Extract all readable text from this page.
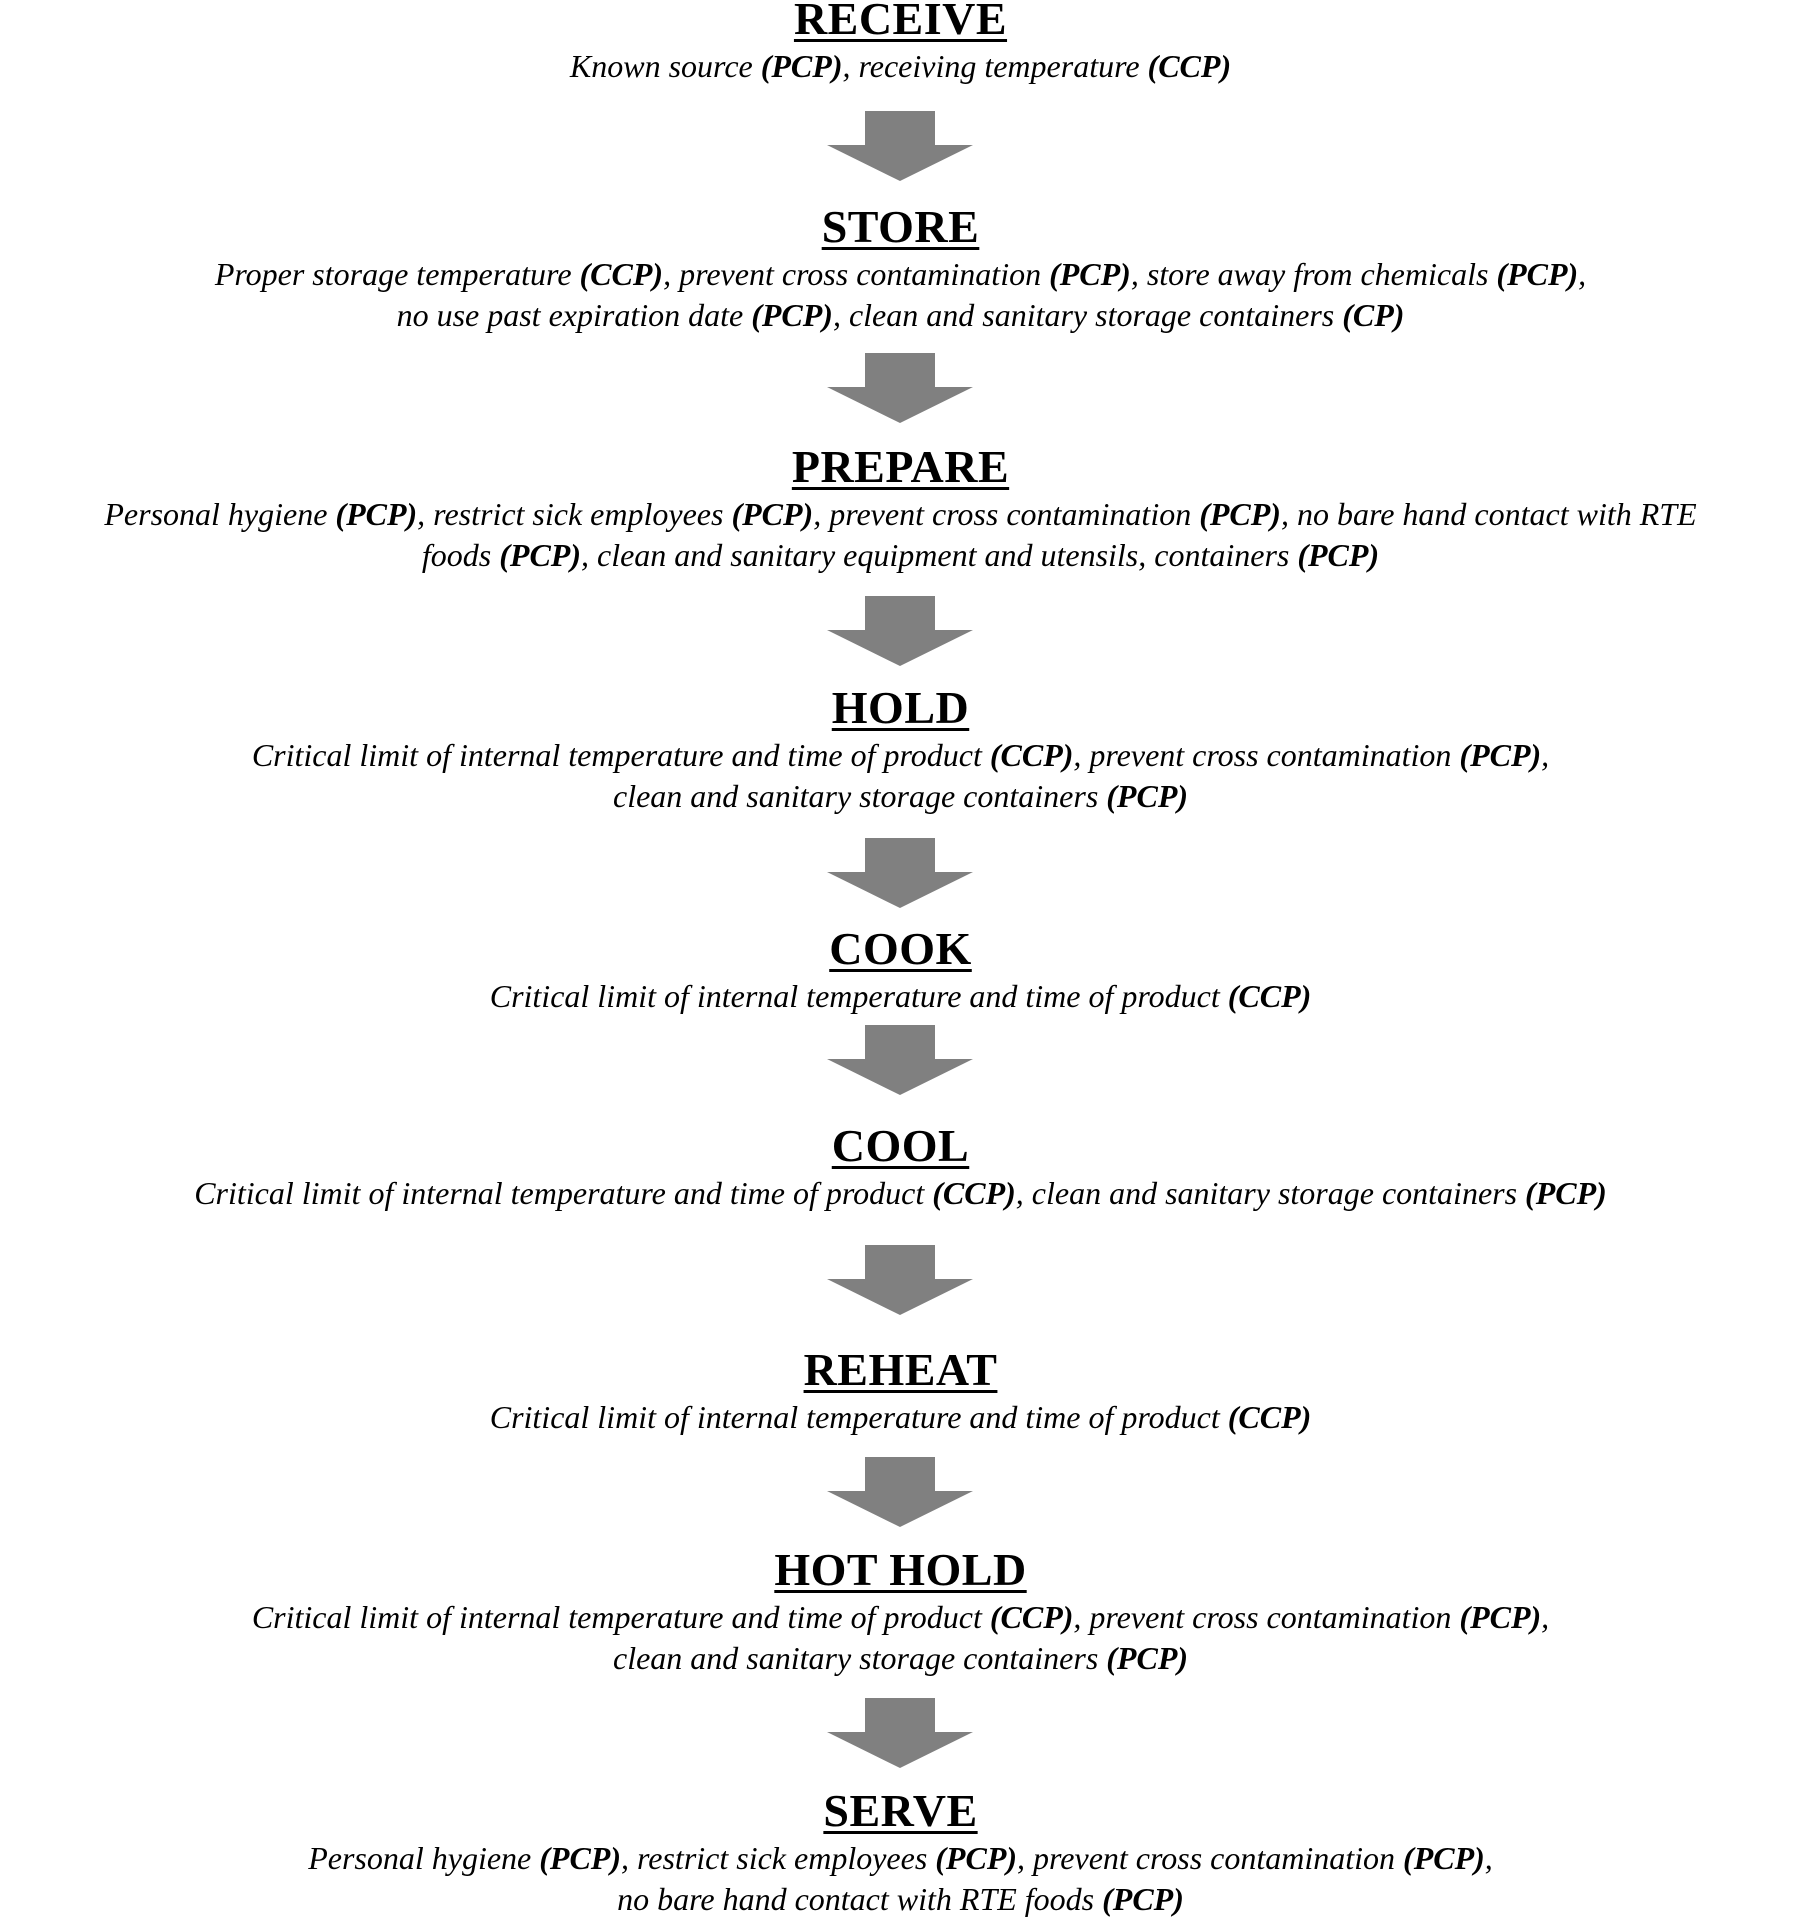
RECEIVE
Known source (PCP), receiving temperature (CCP)
STORE
Proper storage temperature (CCP), prevent cross contamination (PCP), store away from chemicals (PCP),
no use past expiration date (PCP), clean and sanitary storage containers (CP)
PREPARE
Personal hygiene (PCP), restrict sick employees (PCP), prevent cross contamination (PCP), no bare hand contact with RTE
foods (PCP), clean and sanitary equipment and utensils, containers (PCP)
HOLD
Critical limit of internal temperature and time of product (CCP), prevent cross contamination (PCP),
clean and sanitary storage containers (PCP)
COOK
Critical limit of internal temperature and time of product (CCP)
COOL
Critical limit of internal temperature and time of product (CCP), clean and sanitary storage containers (PCP)
REHEAT
Critical limit of internal temperature and time of product (CCP)
HOT HOLD
Critical limit of internal temperature and time of product (CCP), prevent cross contamination (PCP),
clean and sanitary storage containers (PCP)
SERVE
Personal hygiene (PCP), restrict sick employees (PCP), prevent cross contamination (PCP),
no bare hand contact with RTE foods (PCP)
